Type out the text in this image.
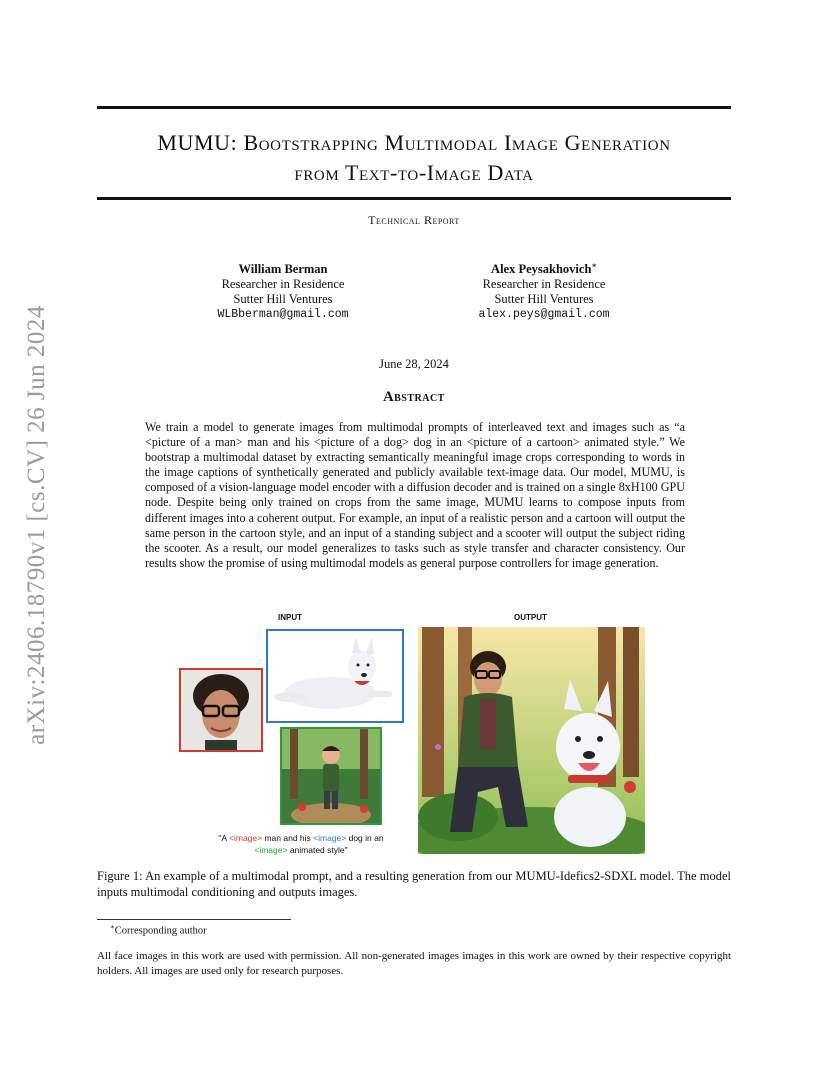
arXiv:2406.18790v1 [cs.CV] 26 Jun 2024
MUMU: Bootstrapping Multimodal Image Generation
from Text-to-Image Data
Technical Report
William Berman
Researcher in Residence
Sutter Hill Ventures
WLBberman@gmail.com
Alex Peysakhovich∗
Researcher in Residence
Sutter Hill Ventures
alex.peys@gmail.com
June 28, 2024
Abstract
We train a model to generate images from multimodal prompts of interleaved text and images such as “a <picture of a man> man and his <picture of a dog> dog in an <picture of a cartoon> animated style.” We bootstrap a multimodal dataset by extracting semantically meaningful image crops corresponding to words in the image captions of synthetically generated and publicly available text-image data. Our model, MUMU, is composed of a vision-language model encoder with a diffusion decoder and is trained on a single 8xH100 GPU node. Despite being only trained on crops from the same image, MUMU learns to compose inputs from different images into a coherent output. For example, an input of a realistic person and a cartoon will output the same person in the cartoon style, and an input of a standing subject and a scooter will output the subject riding the scooter. As a result, our model generalizes to tasks such as style transfer and character consistency. Our results show the promise of using multimodal models as general purpose controllers for image generation.
INPUT	OUTPUT
"A <image> man and his <image> dog in an
<image> animated style"
Figure 1: An example of a multimodal prompt, and a resulting generation from our MUMU-Idefics2-SDXL model. The model inputs multimodal conditioning and outputs images.
∗Corresponding author
All face images in this work are used with permission. All non-generated images images in this work are owned by their respective copyright holders. All images are used only for research purposes.
